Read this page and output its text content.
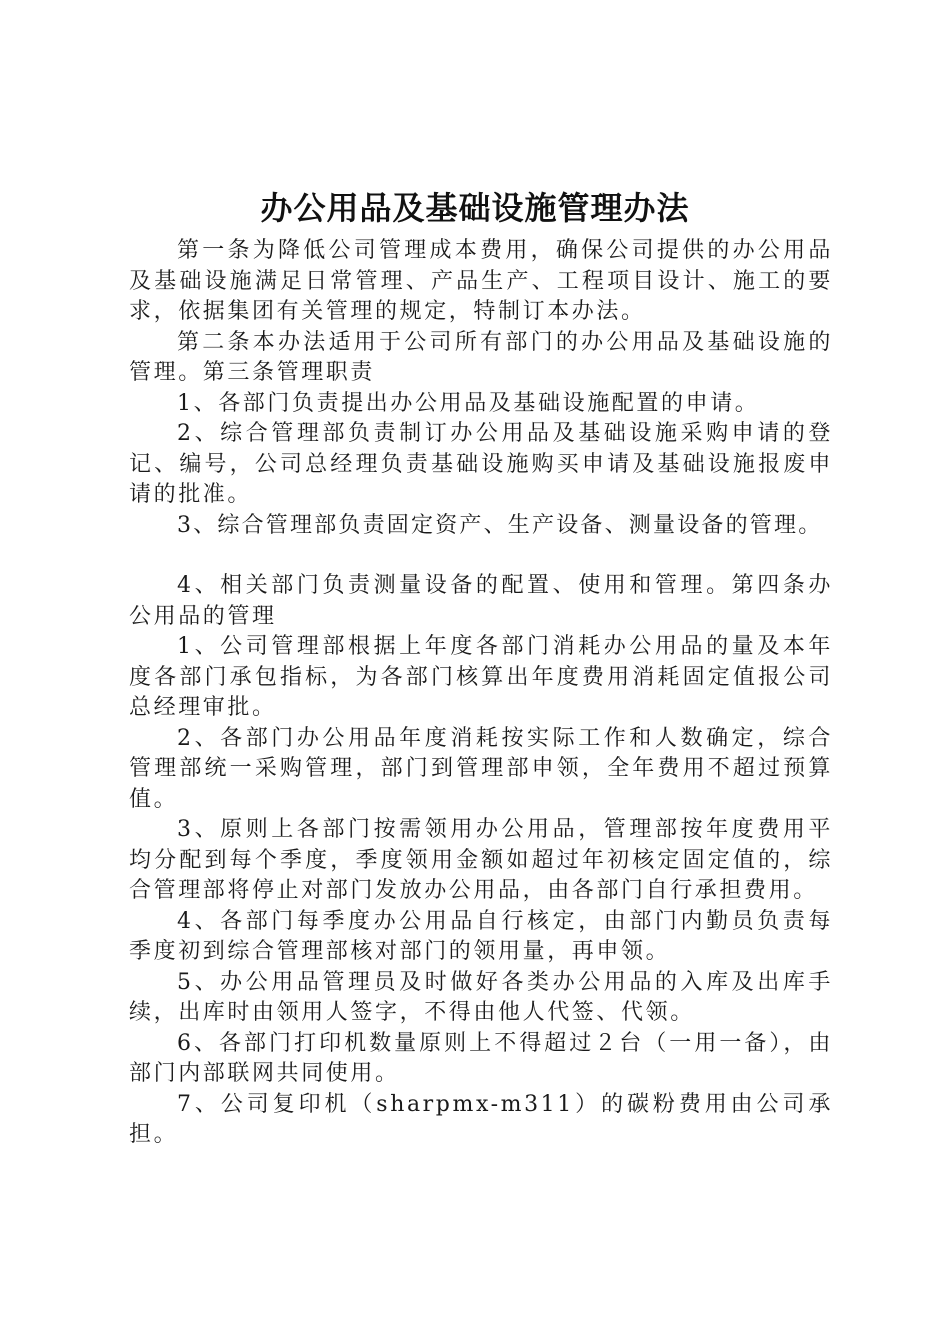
办公用品及基础设施管理办法

第一条为降低公司管理成本费用，确保公司提供的办公用品及基础设施满足日常管理、产品生产、工程项目设计、施工的要求，依据集团有关管理的规定，特制订本办法。

第二条本办法适用于公司所有部门的办公用品及基础设施的管理。第三条管理职责

1、各部门负责提出办公用品及基础设施配置的申请。

2、综合管理部负责制订办公用品及基础设施采购申请的登记、编号，公司总经理负责基础设施购买申请及基础设施报废申请的批准。

3、综合管理部负责固定资产、生产设备、测量设备的管理。

4、相关部门负责测量设备的配置、使用和管理。第四条办公用品的管理

1、公司管理部根据上年度各部门消耗办公用品的量及本年度各部门承包指标，为各部门核算出年度费用消耗固定值报公司总经理审批。

2、各部门办公用品年度消耗按实际工作和人数确定，综合管理部统一采购管理，部门到管理部申领，全年费用不超过预算值。

3、原则上各部门按需领用办公用品，管理部按年度费用平均分配到每个季度，季度领用金额如超过年初核定固定值的，综合管理部将停止对部门发放办公用品，由各部门自行承担费用。

4、各部门每季度办公用品自行核定，由部门内勤员负责每季度初到综合管理部核对部门的领用量，再申领。

5、办公用品管理员及时做好各类办公用品的入库及出库手续，出库时由领用人签字，不得由他人代签、代领。

6、各部门打印机数量原则上不得超过２台（一用一备），由部门内部联网共同使用。

7、公司复印机（sharpmx-m311）的碳粉费用由公司承担。
